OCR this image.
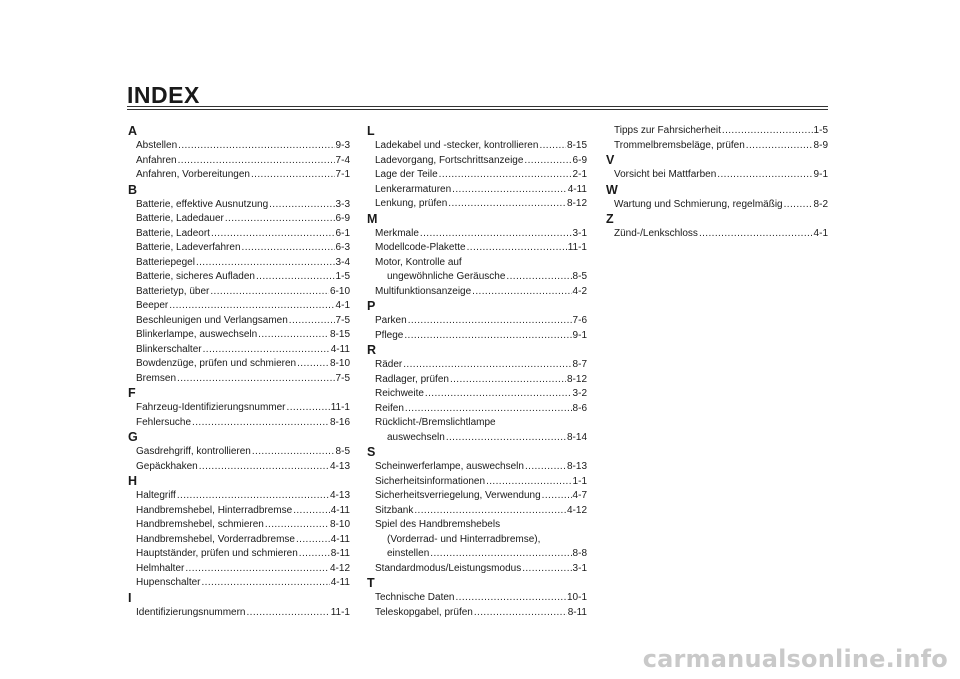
INDEX
A
Abstellen .....	9-3
Anfahren .....	7-4
Anfahren, Vorbereitungen .....	7-1
B
Batterie, effektive Ausnutzung .....	3-3
Batterie, Ladedauer .....	6-9
Batterie, Ladeort .....	6-1
Batterie, Ladeverfahren .....	6-3
Batteriepegel .....	3-4
Batterie, sicheres Aufladen .....	1-5
Batterietyp, über .....	6-10
Beeper .....	4-1
Beschleunigen und Verlangsamen .....	7-5
Blinkerlampe, auswechseln .....	8-15
Blinkerschalter .....	4-11
Bowdenzüge, prüfen und schmieren .....	8-10
Bremsen .....	7-5
F
Fahrzeug-Identifizierungsnummer .....	11-1
Fehlersuche .....	8-16
G
Gasdrehgriff, kontrollieren .....	8-5
Gepäckhaken .....	4-13
H
Haltegriff .....	4-13
Handbremshebel, Hinterradbremse .....	4-11
Handbremshebel, schmieren .....	8-10
Handbremshebel, Vorderradbremse .....	4-11
Hauptständer, prüfen und schmieren .....	8-11
Helmhalter .....	4-12
Hupenschalter .....	4-11
I
Identifizierungsnummern .....	11-1
L
Ladekabel und -stecker, kontrollieren .....	8-15
Ladevorgang, Fortschrittsanzeige .....	6-9
Lage der Teile .....	2-1
Lenkerarmaturen .....	4-11
Lenkung, prüfen .....	8-12
M
Merkmale .....	3-1
Modellcode-Plakette .....	11-1
Motor, Kontrolle auf
ungewöhnliche Geräusche .....	8-5
Multifunktionsanzeige .....	4-2
P
Parken .....	7-6
Pflege .....	9-1
R
Räder .....	8-7
Radlager, prüfen .....	8-12
Reichweite .....	3-2
Reifen .....	8-6
Rücklicht-/Bremslichtlampe
auswechseln .....	8-14
S
Scheinwerferlampe, auswechseln .....	8-13
Sicherheitsinformationen .....	1-1
Sicherheitsverriegelung, Verwendung .....	4-7
Sitzbank .....	4-12
Spiel des Handbremshebels
(Vorderrad- und Hinterradbremse),
einstellen .....	8-8
Standardmodus/Leistungsmodus .....	3-1
T
Technische Daten .....	10-1
Teleskopgabel, prüfen .....	8-11
Tipps zur Fahrsicherheit .....	1-5
Trommelbremsbeläge, prüfen .....	8-9
V
Vorsicht bei Mattfarben .....	9-1
W
Wartung und Schmierung, regelmäßig .....	8-2
Z
Zünd-/Lenkschloss .....	4-1
carmanualsonline.info
